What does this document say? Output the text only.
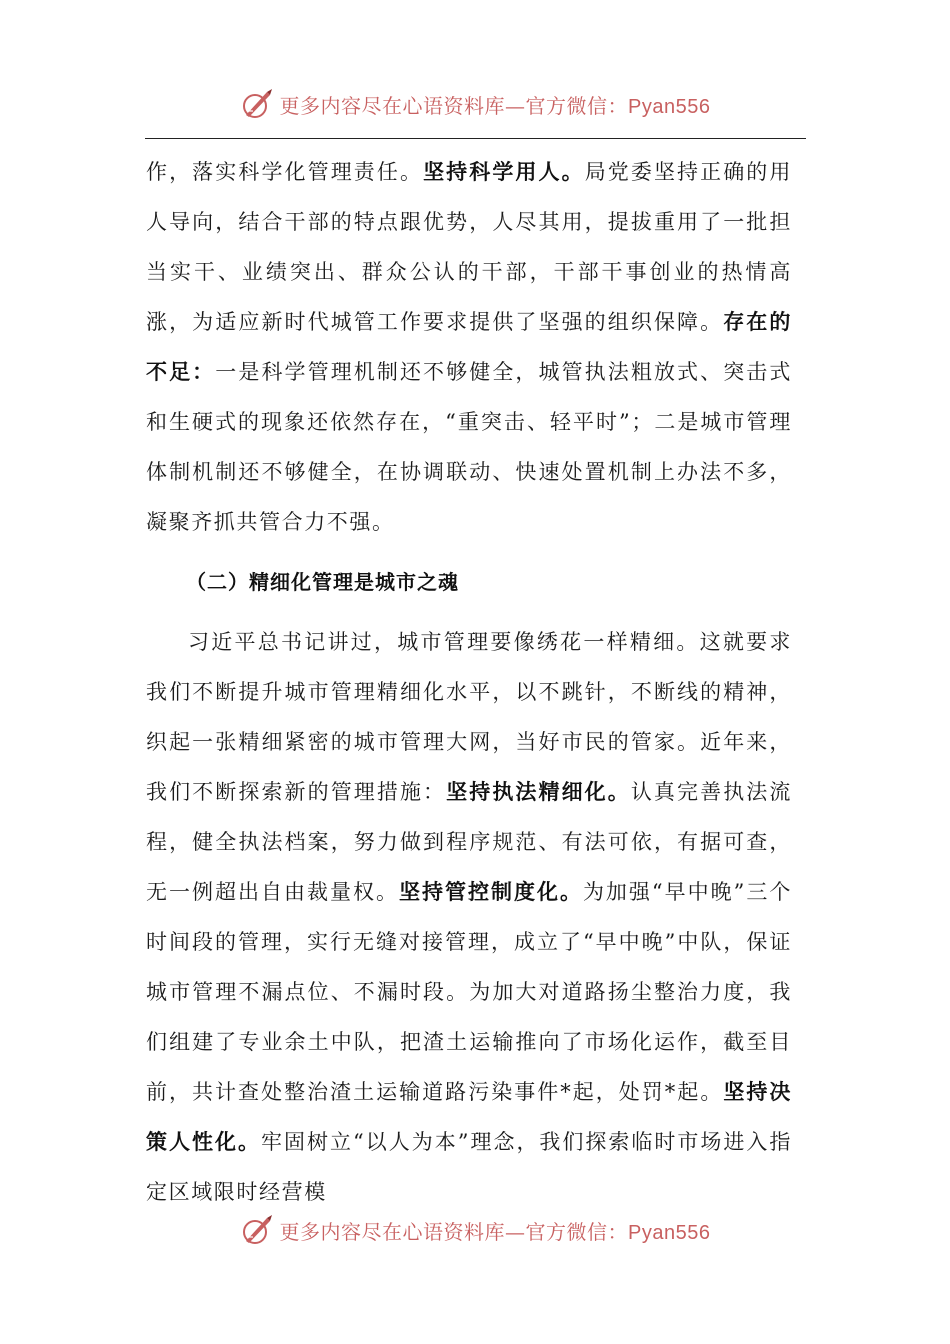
更多内容尽在心语资料库—官方微信：Pyan556

作，落实科学化管理责任。坚持科学用人。局党委坚持正确的用人导向，结合干部的特点跟优势，人尽其用，提拔重用了一批担当实干、业绩突出、群众公认的干部，干部干事创业的热情高涨，为适应新时代城管工作要求提供了坚强的组织保障。存在的不足：一是科学管理机制还不够健全，城管执法粗放式、突击式和生硬式的现象还依然存在，“重突击、轻平时”；二是城市管理体制机制还不够健全，在协调联动、快速处置机制上办法不多，凝聚齐抓共管合力不强。

（二）精细化管理是城市之魂

习近平总书记讲过，城市管理要像绣花一样精细。这就要求我们不断提升城市管理精细化水平，以不跳针，不断线的精神，织起一张精细紧密的城市管理大网，当好市民的管家。近年来，我们不断探索新的管理措施：坚持执法精细化。认真完善执法流程，健全执法档案，努力做到程序规范、有法可依，有据可查，无一例超出自由裁量权。坚持管控制度化。为加强“早中晚”三个时间段的管理，实行无缝对接管理，成立了“早中晚”中队，保证城市管理不漏点位、不漏时段。为加大对道路扬尘整治力度，我们组建了专业余土中队，把渣土运输推向了市场化运作，截至目前，共计查处整治渣土运输道路污染事件*起，处罚*起。坚持决策人性化。牢固树立“以人为本”理念，我们探索临时市场进入指定区域限时经营模

更多内容尽在心语资料库—官方微信：Pyan556
